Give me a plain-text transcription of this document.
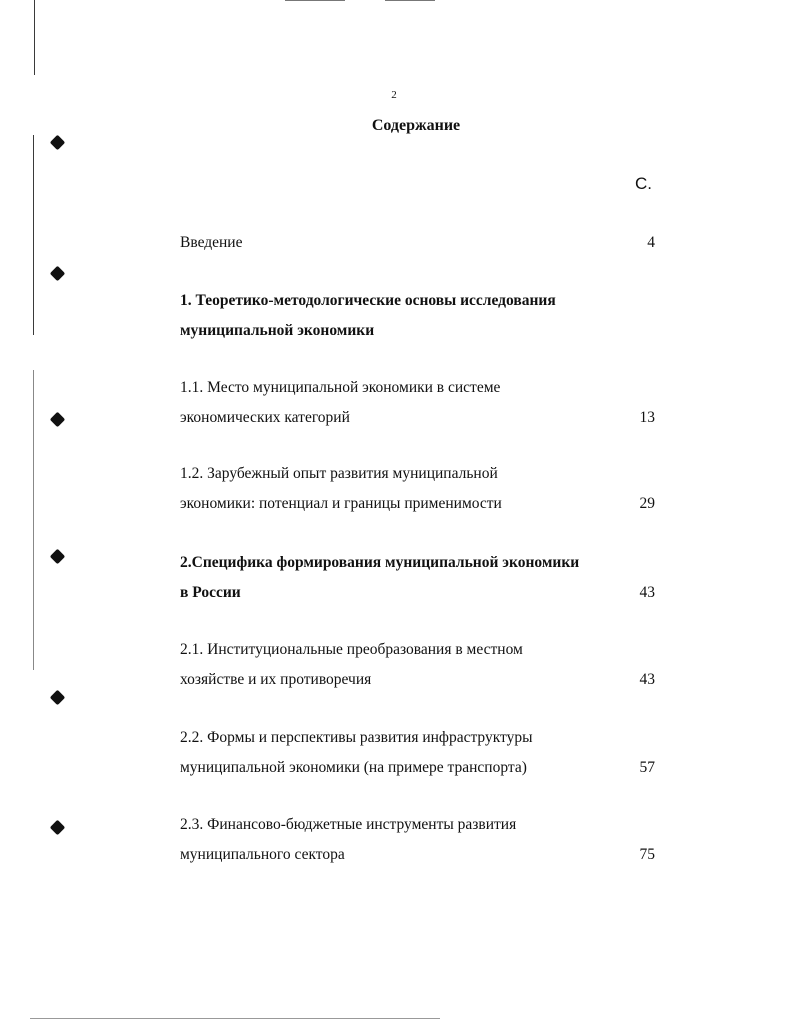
2
Содержание
С.
Введение	4
1. Теоретико-методологические основы исследования
муниципальной экономики
1.1. Место муниципальной экономики в системе
экономических категорий	13
1.2. Зарубежный опыт развития муниципальной
экономики: потенциал и границы применимости	29
2.Специфика формирования муниципальной экономики
в России	43
2.1. Институциональные преобразования в местном
хозяйстве и их противоречия	43
2.2. Формы и перспективы развития инфраструктуры
муниципальной экономики (на примере транспорта)	57
2.3. Финансово-бюджетные инструменты развития
муниципального сектора	75
